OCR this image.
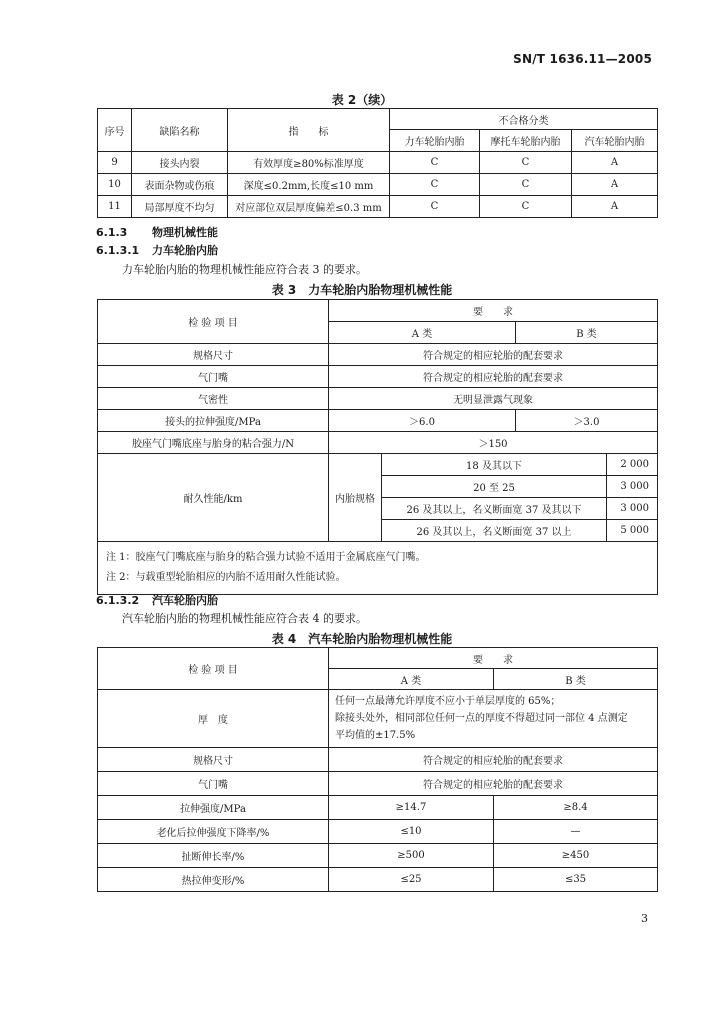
SN/T 1636.11—2005
表 2（续）
序号	缺陷名称	指　　标	不合格分类		
			力车轮胎内胎	摩托车轮胎内胎	汽车轮胎内胎
9	接头内裂	有效厚度≥80%标准厚度	C	C	A
10	表面杂物或伤痕	深度≤0.2mm,长度≤10 mm	C	C	A
11	局部厚度不均匀	对应部位双层厚度偏差≤0.3 mm	C	C	A
6.1.3 物理机械性能
6.1.3.1 力车轮胎内胎
力车轮胎内胎的物理机械性能应符合表 3 的要求。
表 3　力车轮胎内胎物理机械性能
检 验 项 目	要　　求			
	A 类		B 类	
规格尺寸	符合规定的相应轮胎的配套要求			
气门嘴	符合规定的相应轮胎的配套要求			
气密性	无明显泄露气现象			
接头的拉伸强度/MPa	＞6.0		＞3.0	
胶座气门嘴底座与胎身的粘合强力/N	＞150			
耐久性能/km	内胎规格	18 及其以下		2 000
		20 至 25		3 000
		26 及其以上，名义断面宽 37 及其以下		3 000
		26 及其以上，名义断面宽 37 以上		5 000

注 1：胶座气门嘴底座与胎身的粘合强力试验不适用于金属底座气门嘴。
注 2：与载重型轮胎相应的内胎不适用耐久性能试验。				
6.1.3.2 汽车轮胎内胎
汽车轮胎内胎的物理机械性能应符合表 4 的要求。
表 4　汽车轮胎内胎物理机械性能
检 验 项 目	要　　求	
	A 类	B 类
厚　度	任何一点最薄允许厚度不应小于单层厚度的 65%；
除接头处外，相同部位任何一点的厚度不得超过同一部位 4 点测定
平均值的±17.5%	

规格尺寸	符合规定的相应轮胎的配套要求	
气门嘴	符合规定的相应轮胎的配套要求	
拉伸强度/MPa	≥14.7	≥8.4
老化后拉伸强度下降率/%	≤10	—
扯断伸长率/%	≥500	≥450
热拉伸变形/%	≤25	≤35
3
